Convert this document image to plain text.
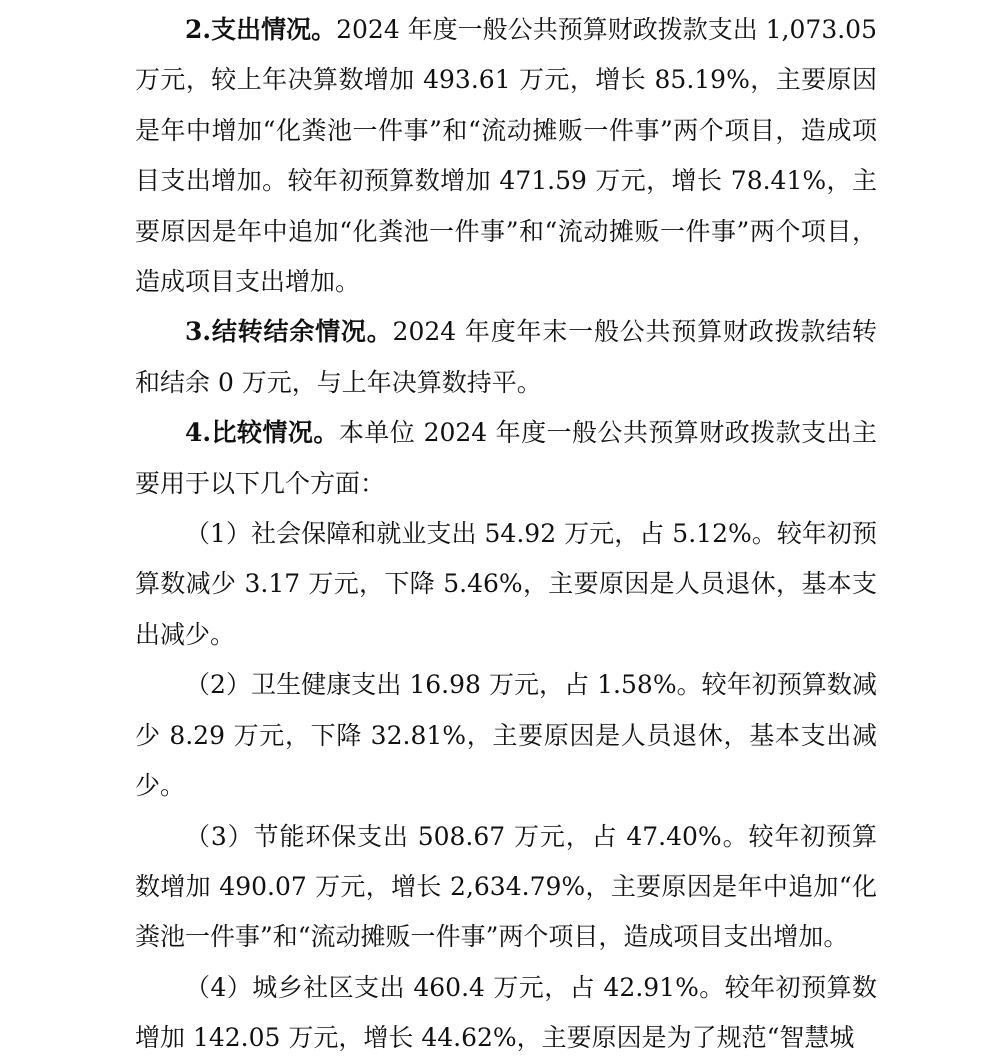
2.支出情况。2024 年度一般公共预算财政拨款支出 1,073.05 万元，较上年决算数增加 493.61 万元，增长 85.19%，主要原因是年中增加“化粪池一件事”和“流动摊贩一件事”两个项目，造成项目支出增加。较年初预算数增加 471.59 万元，增长 78.41%，主要原因是年中追加“化粪池一件事”和“流动摊贩一件事”两个项目，造成项目支出增加。

3.结转结余情况。2024 年度年末一般公共预算财政拨款结转和结余 0 万元，与上年决算数持平。

4.比较情况。本单位 2024 年度一般公共预算财政拨款支出主要用于以下几个方面：

（1）社会保障和就业支出 54.92 万元，占 5.12%。较年初预算数减少 3.17 万元，下降 5.46%，主要原因是人员退休，基本支出减少。

（2）卫生健康支出 16.98 万元，占 1.58%。较年初预算数减少 8.29 万元，下降 32.81%，主要原因是人员退休，基本支出减少。

（3）节能环保支出 508.67 万元，占 47.40%。较年初预算数增加 490.07 万元，增长 2,634.79%，主要原因是年中追加“化粪池一件事”和“流动摊贩一件事”两个项目，造成项目支出增加。

（4）城乡社区支出 460.4 万元，占 42.91%。较年初预算数增加 142.05 万元，增长 44.62%，主要原因是为了规范“智慧城
